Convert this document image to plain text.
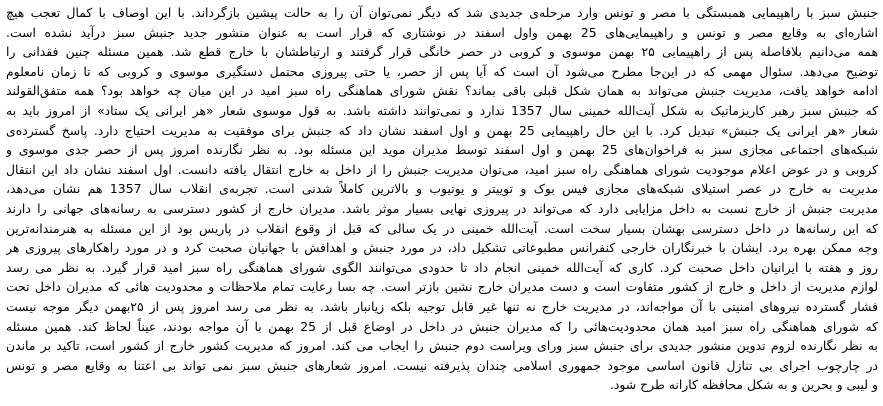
جنبش سبز با راهپیمایی همبستگی با مصر و تونس وارد مرحله‌ی جدیدی شد که دیگر نمی‌توان آن را به حالت پیشین بازگرداند. با این اوصاف با کمال تعجب هیچ

اشاره‌ای به وقایع مصر و تونس و راهپیمایی‌های 25 بهمن واول اسفند در نوشتاری که قرار است به عنوان منشور جدید جنبش سبز درآید نشده است.

همه می‌دانیم بلافاصله پس از راهپیمایی ۲۵ بهمن موسوی و کروبی در حصر خانگی قرار گرفتند و ارتباطشان با خارج قطع شد. همین مسئله چنین فقدانی را

توضیح می‌دهد. سئوال مهمی که در این‌جا مطرح می‌شود آن است که آیا پس از حصر، یا حتی پیروزی محتمل دستگیری موسوی و کروبی که تا زمان نامعلوم

ادامه خواهد یافت، مدیریت جنبش می‌تواند به همان شکل قبلی باقی بماند؟ نقش شورای هماهنگی راه سبز امید در این میان چه خواهد بود؟ همه متفق‌القولند

که جنبش سبز رهبر کاریزماتیک به شکل آیت‌الله خمینی سال 1357 ندارد و نمی‌توانند داشته باشد. به قول موسوی شعار «هر ایرانی یک ستاد» از امروز باید به

شعار «هر ایرانی یک جنبش» تبدیل کرد. با این حال راهپیمایی 25 بهمن و اول اسفند نشان داد که جنبش برای موفقیت به مدیریت احتیاج دارد. پاسخ گسترده‌ی

شبکه‌های اجتماعی مجازی سبز به فراخوان‌های 25 بهمن و اول اسفند توسط مدیران موید این مسئله بود. به نظر نگارنده امروز پس از حصر جدی موسوی و

کروبی و در عوض اعلام موجودیت شورای هماهنگی راه سبز امید، می‌توان مدیریت جنبش را از داخل به خارج انتقال یافته دانست. اول اسفند نشان داد این انتقال

مدیریت به خارج در عصر استیلای شبکه‌های مجازی فیس بوک و توییتر و یوتیوب و بالاترین کاملاً شدنی است. تجربه‌ی انقلاب سال 1357 هم نشان می‌دهد،

مدیریت جنبش از خارج نسبت به داخل مزایایی دارد که می‌تواند در پیروزی نهایی بسیار موثر باشد. مدیران خارج از کشور دسترسی به رسانه‌های جهانی را دارند

که این رسانه‌ها در داخل دسترسی بهشان بسیار سخت است. آیت‌الله خمینی در یک سالی که قبل از وقوع انقلاب در پاریس بود از این مسئله به هنرمندانه‌ترین

وجه ممکن بهره برد. ایشان با خبرنگاران خارجی کنفرانس مطبوعاتی تشکیل داد، در مورد جنبش و اهدافش با جهانیان صحبت کرد و در مورد راهکارهای پیروزی هر

روز و هفته با ایرانیان داخل صحبت کرد. کاری که آیت‌الله خمینی انجام داد تا حدودی می‌توانند الگوی شورای هماهنگی راه سبز امید قرار گیرد. به نظر می رسد

لوازم مدیریت از داخل و خارج از کشور متفاوت است و دست مدیران خارج نشین بازتر است. چه بسا رعایت تمام ملاحظات و محدودیت هائی که مدیران داخل تحت

فشار گسترده نیروهای امنیتی با آن مواجه‌اند، در مدیریت خارج نه تنها غیر قابل توجیه بلکه زیانبار باشد. به نظر می رسد امروز پس از ۲۵بهمن دیگر موجه نیست

که شورای هماهنگی راه سبز امید همان محدودیت‌هائی را که مدیران جنبش در داخل در اوضاع قبل از 25 بهمن با آن مواجه بودند، عیناً لحاظ کند. همین مسئله

به نظر نگارنده لزوم تدوین منشور جدیدی برای جنبش سبز ورای ویراست دوم جنبش را ایجاب می کند. امروز که مدیریت کشور خارج از کشور است، تاکید بر ماندن

در چارچوب اجرای بی تنازل قانون اساسی موجود جمهوری اسلامی چندان پذیرفته نیست. امروز شعارهای جنبش سبز نمی تواند بی اعتنا به وقایع مصر و تونس

و لیبی و بحرین و به شکل محافظه کارانه طرح شود.
